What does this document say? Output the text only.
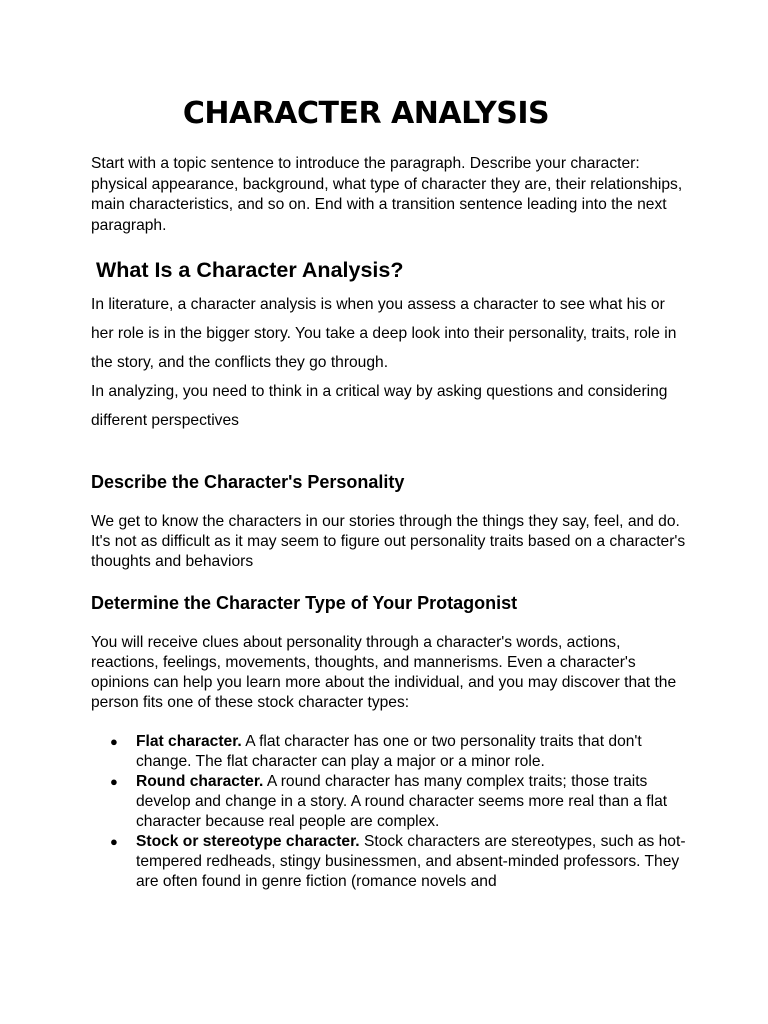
CHARACTER ANALYSIS

Start with a topic sentence to introduce the paragraph. Describe your character: physical appearance, background, what type of character they are, their relationships, main characteristics, and so on. End with a transition sentence leading into the next paragraph.

What Is a Character Analysis?

In literature, a character analysis is when you assess a character to see what his or her role is in the bigger story. You take a deep look into their personality, traits, role in the story, and the conflicts they go through.

In analyzing, you need to think in a critical way by asking questions and considering different perspectives

Describe the Character's Personality

We get to know the characters in our stories through the things they say, feel, and do. It's not as difficult as it may seem to figure out personality traits based on a character's thoughts and behaviors

Determine the Character Type of Your Protagonist

You will receive clues about personality through a character's words, actions, reactions, feelings, movements, thoughts, and mannerisms. Even a character's opinions can help you learn more about the individual, and you may discover that the person fits one of these stock character types:

● Flat character. A flat character has one or two personality traits that don't change. The flat character can play a major or a minor role.
● Round character. A round character has many complex traits; those traits develop and change in a story. A round character seems more real than a flat character because real people are complex.
● Stock or stereotype character. Stock characters are stereotypes, such as hot-tempered redheads, stingy businessmen, and absent-minded professors. They are often found in genre fiction (romance novels and
